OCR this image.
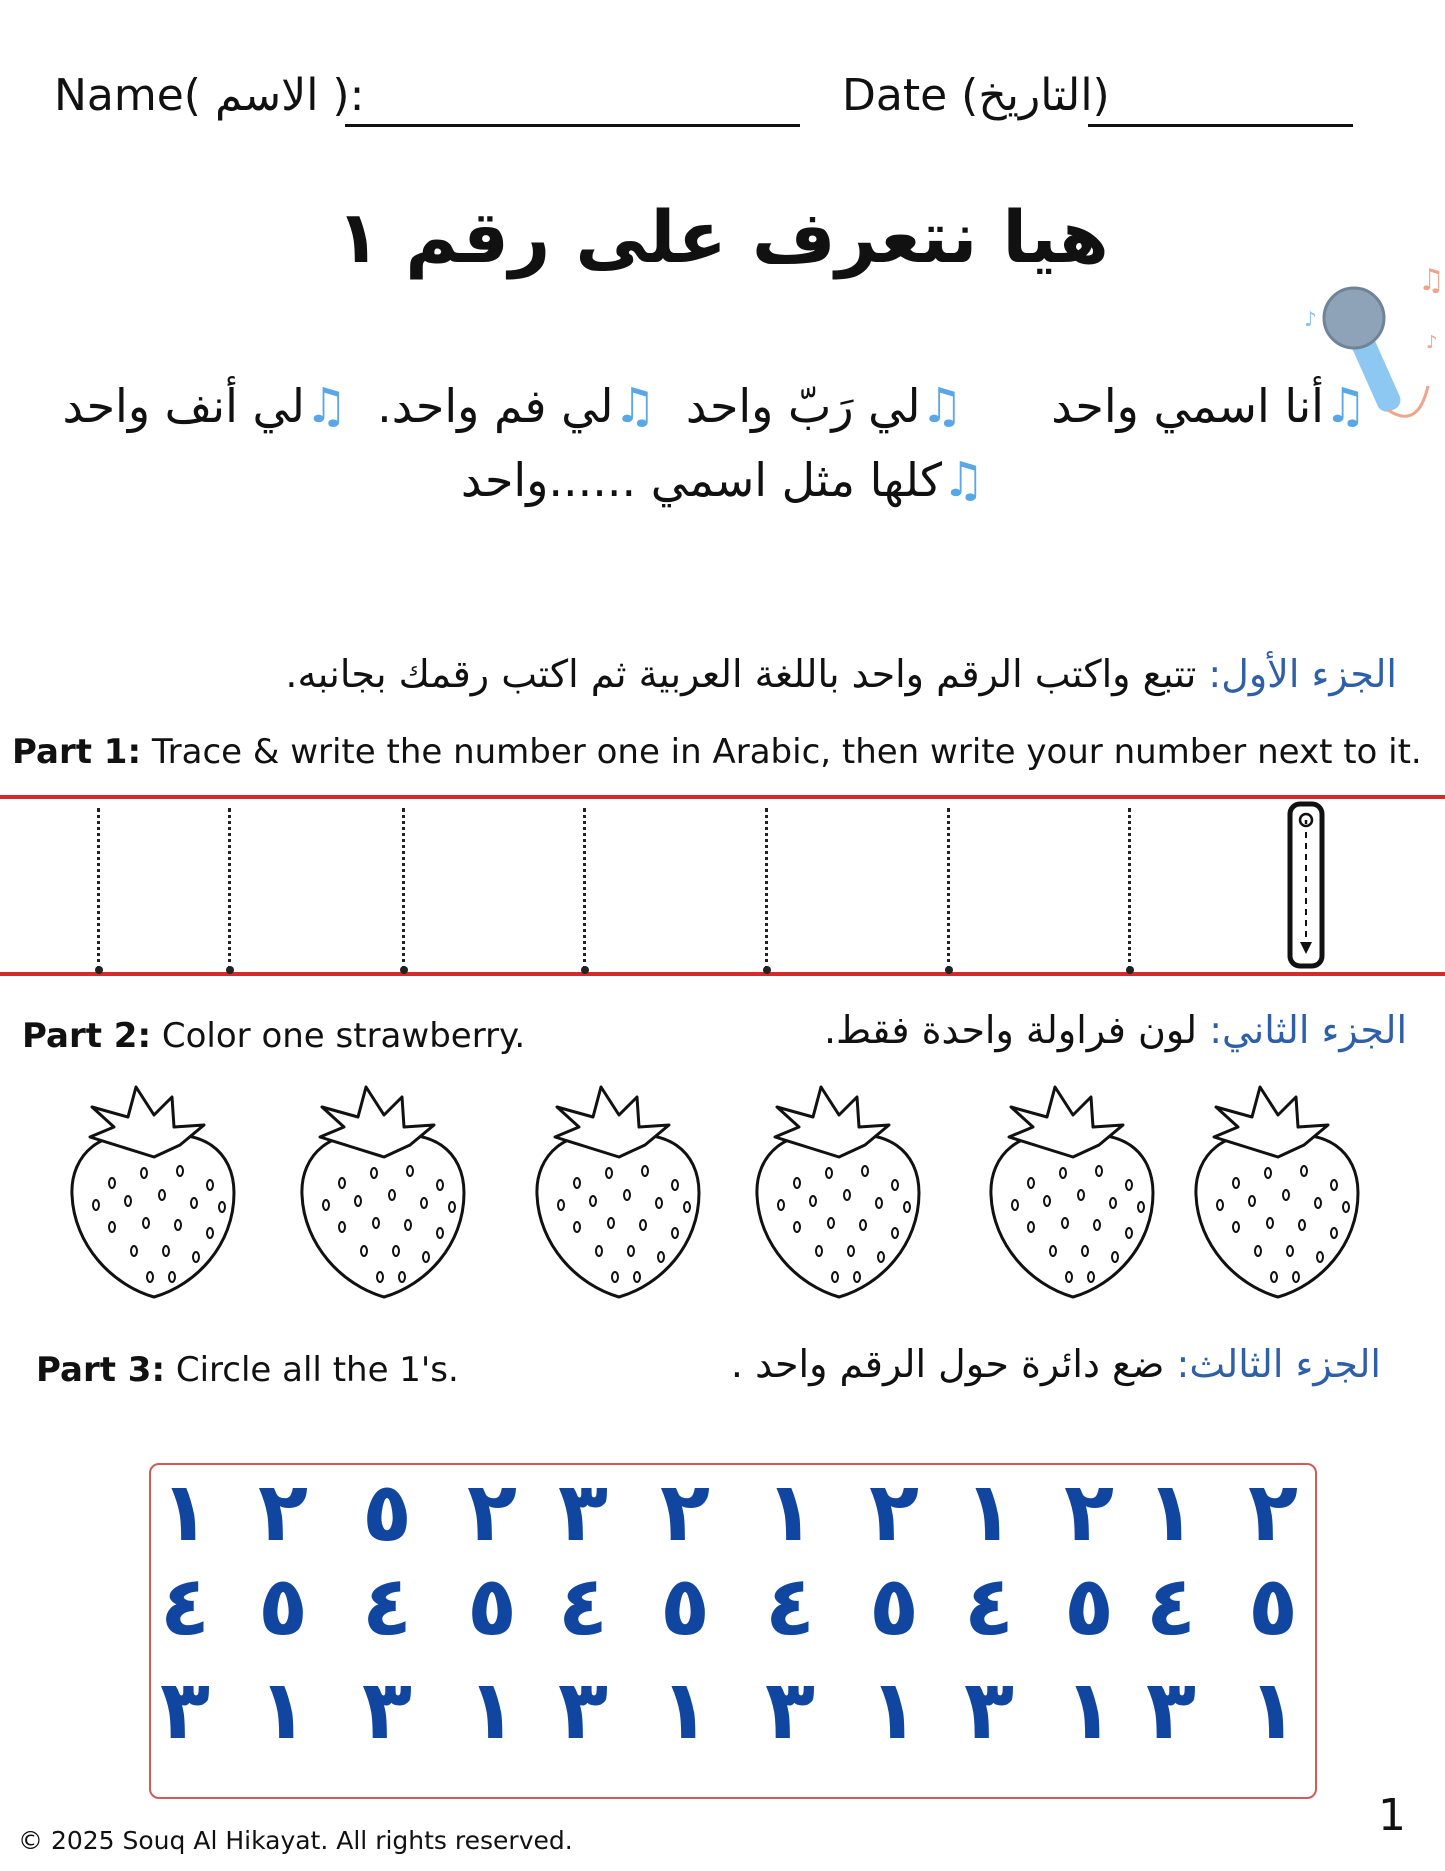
Name( الاسم ):	Date (التاريخ)
هيا نتعرف على رقم ١
♫
♪
♪
♫أنا اسمي واحد      ♫لي رَبّ واحد  ♫لي فم واحد.  ♫لي أنف واحد
♫كلها مثل اسمي ......واحد
الجزء الأول: تتبع واكتب الرقم واحد باللغة العربية ثم اكتب رقمك بجانبه.
Part 1: Trace & write the number one in Arabic, then write your number next to it.
Part 2: Color one strawberry.	الجزء الثاني: لون فراولة واحدة فقط.
Part 3: Circle all the 1's.	الجزء الثالث: ضع دائرة حول الرقم واحد .
١ ٢ ٥ ٢ ٣ ٢ ١ ٢ ١ ٢ ١ ٢
٤ ٥ ٤ ٥ ٤ ٥ ٤ ٥ ٤ ٥ ٤ ٥
٣ ١ ٣ ١ ٣ ١ ٣ ١ ٣ ١ ٣ ١
© 2025 Souq Al Hikayat. All rights reserved.	1
